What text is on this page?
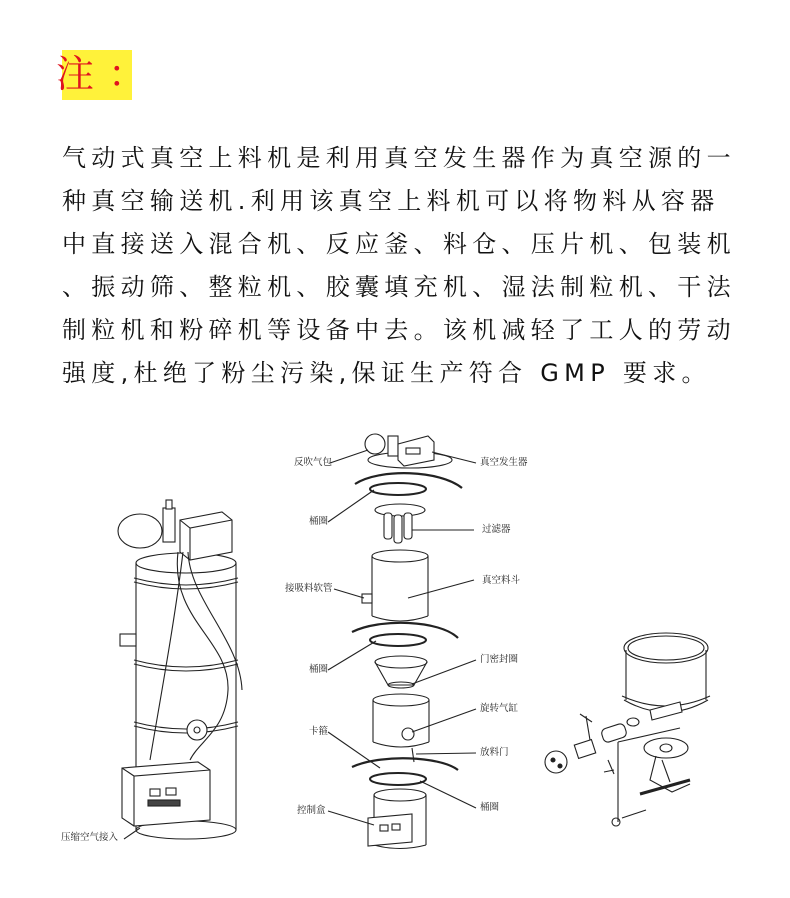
注：
气动式真空上料机是利用真空发生器作为真空源的一
种真空输送机.利用该真空上料机可以将物料从容器
中直接送入混合机、反应釜、料仓、压片机、包装机
、振动筛、整粒机、胶囊填充机、湿法制粒机、干法
制粒机和粉碎机等设备中去。该机减轻了工人的劳动
强度,杜绝了粉尘污染,保证生产符合 GMP 要求。
压缩空气接入
反吹气包	真空发生器
桶圈
过滤器
接吸料软管
真空料斗
桶圈
门密封圈
旋转气缸
卡箍
放料门
桶圈
控制盒
